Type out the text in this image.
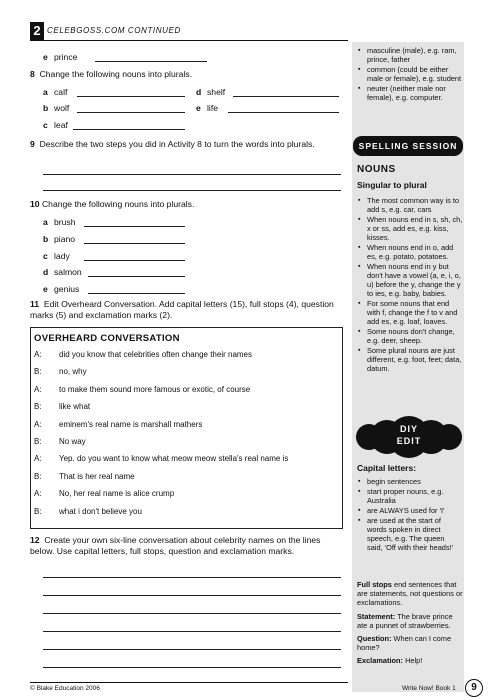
2 CELEBGOSS.COM CONTINUED
e prince
8 Change the following nouns into plurals.
a calf	d shelf
b wolf	e life
c leaf
9 Describe the two steps you did in Activity 8 to turn the words into plurals.
10 Change the following nouns into plurals.
a brush
b piano
c lady
d salmon
e genius
11 Edit Overheard Conversation. Add capital letters (15), full stops (4), question marks (5) and exclamation marks (2).
OVERHEARD CONVERSATION
A: did you know that celebrities often change their names
B: no, why
A: to make them sound more famous or exotic, of course
B: like what
A: eminem's real name is marshall mathers
B: No way
A: Yep. do you want to know what meow meow stella's real name is
B: That is her real name
A: No, her real name is alice crump
B: what i don't believe you
12 Create your own six-line conversation about celebrity names on the lines below. Use capital letters, full stops, question and exclamation marks.
▪ masculine (male), e.g. ram, prince, father
▪ common (could be either male or female), e.g. student
▪ neuter (neither male nor female), e.g. computer.
SPELLING SESSION
NOUNS
Singular to plural
▪ The most common way is to add s, e.g. car, cars
▪ When nouns end in s, sh, ch, x or ss, add es, e.g. kiss, kisses.
▪ When nouns end in o, add es, e.g. potato, potatoes.
▪ When nouns end in y but don't have a vowel (a, e, i, o, u) before the y, change the y to ies, e.g. baby, babies.
▪ For some nouns that end with f, change the f to v and add es, e.g. loaf, loaves.
▪ Some nouns don't change, e.g. deer, sheep.
▪ Some plural nouns are just different, e.g. foot, feet; data, datum.
DIY
EDIT
Capital letters:
▪ begin sentences
▪ start proper nouns, e.g. Australia
▪ are ALWAYS used for 'I'
▪ are used at the start of words spoken in direct speech, e.g. The queen said, 'Off with their heads!'
Full stops end sentences that are statements, not questions or exclamations.
Statement: The brave prince ate a punnet of strawberries.
Question: When can I come home?
Exclamation: Help!
© Blake Education 2006	Write Now! Book 1	9
